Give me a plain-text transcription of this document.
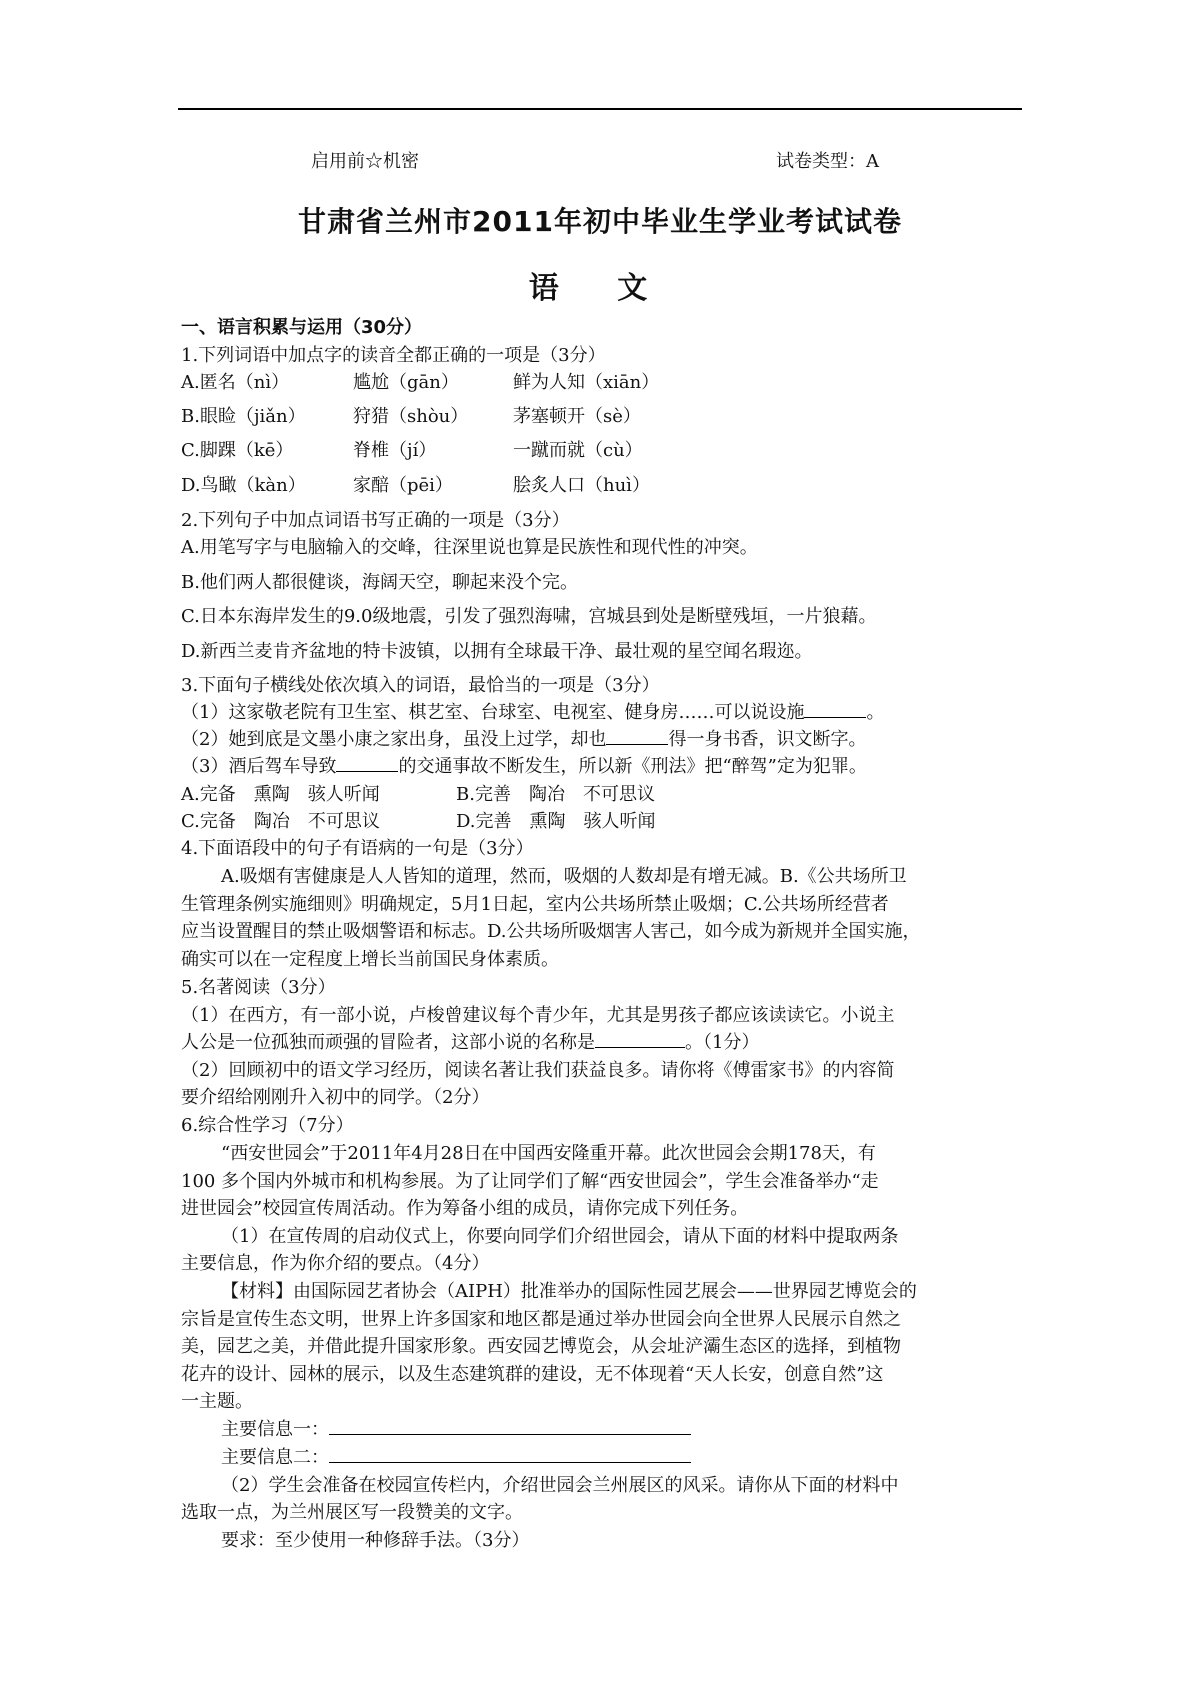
启用前☆机密	试卷类型：A
甘肃省兰州市2011年初中毕业生学业考试试卷
语 文
一、语言积累与运用（30分）
1.下列词语中加点字的读音全都正确的一项是（3分）
A.匿名（nì）	尴尬（gān）	鲜为人知（xiān）
B.眼睑（jiǎn）	狩猎（shòu） 茅塞顿开（sè）
C.脚踝（kē）	脊椎（jí）	一蹴而就（cù）
D.鸟瞰（kàn）	家醅（pēi）	脍炙人口（huì）
2.下列句子中加点词语书写正确的一项是（3分）
A.用笔写字与电脑输入的交峰，往深里说也算是民族性和现代性的冲突。
B.他们两人都很健谈，海阔天空，聊起来没个完。
C.日本东海岸发生的9.0级地震，引发了强烈海啸，宫城县到处是断壁残垣，一片狼藉。
D.新西兰麦肯齐盆地的特卡波镇，以拥有全球最干净、最壮观的星空闻名瑕迩。
3.下面句子横线处依次填入的词语，最恰当的一项是（3分）
（1）这家敬老院有卫生室、棋艺室、台球室、电视室、健身房……可以说设施	。
（2）她到底是文墨小康之家出身，虽没上过学，却也	得一身书香，识文断字。
（3）酒后驾车导致	的交通事故不断发生，所以新《刑法》把“醉驾”定为犯罪。
A.完备　熏陶　骇人听闻	B.完善　陶冶　不可思议
C.完备　陶冶　不可思议	D.完善　熏陶　骇人听闻
4.下面语段中的句子有语病的一句是（3分）
A.吸烟有害健康是人人皆知的道理，然而，吸烟的人数却是有增无减。B.《公共场所卫
生管理条例实施细则》明确规定，5月1日起，室内公共场所禁止吸烟；C.公共场所经营者
应当设置醒目的禁止吸烟警语和标志。D.公共场所吸烟害人害己，如今成为新规并全国实施，
确实可以在一定程度上增长当前国民身体素质。
5.名著阅读（3分）
（1）在西方，有一部小说，卢梭曾建议每个青少年，尤其是男孩子都应该读读它。小说主
人公是一位孤独而顽强的冒险者，这部小说的名称是	。（1分）
（2）回顾初中的语文学习经历，阅读名著让我们获益良多。请你将《傅雷家书》的内容简
要介绍给刚刚升入初中的同学。（2分）
6.综合性学习（7分）
“西安世园会”于2011年4月28日在中国西安隆重开幕。此次世园会会期178天，有
100 多个国内外城市和机构参展。为了让同学们了解“西安世园会”，学生会准备举办“走
进世园会”校园宣传周活动。作为筹备小组的成员，请你完成下列任务。
（1）在宣传周的启动仪式上，你要向同学们介绍世园会，请从下面的材料中提取两条
主要信息，作为你介绍的要点。（4分）
【材料】由国际园艺者协会（AIPH）批准举办的国际性园艺展会——世界园艺博览会的
宗旨是宣传生态文明，世界上许多国家和地区都是通过举办世园会向全世界人民展示自然之
美，园艺之美，并借此提升国家形象。西安园艺博览会，从会址浐灞生态区的选择，到植物
花卉的设计、园林的展示，以及生态建筑群的建设，无不体现着“天人长安，创意自然”这
一主题。
主要信息一：
主要信息二：
（2）学生会准备在校园宣传栏内，介绍世园会兰州展区的风采。请你从下面的材料中
选取一点，为兰州展区写一段赞美的文字。
要求：至少使用一种修辞手法。（3分）
